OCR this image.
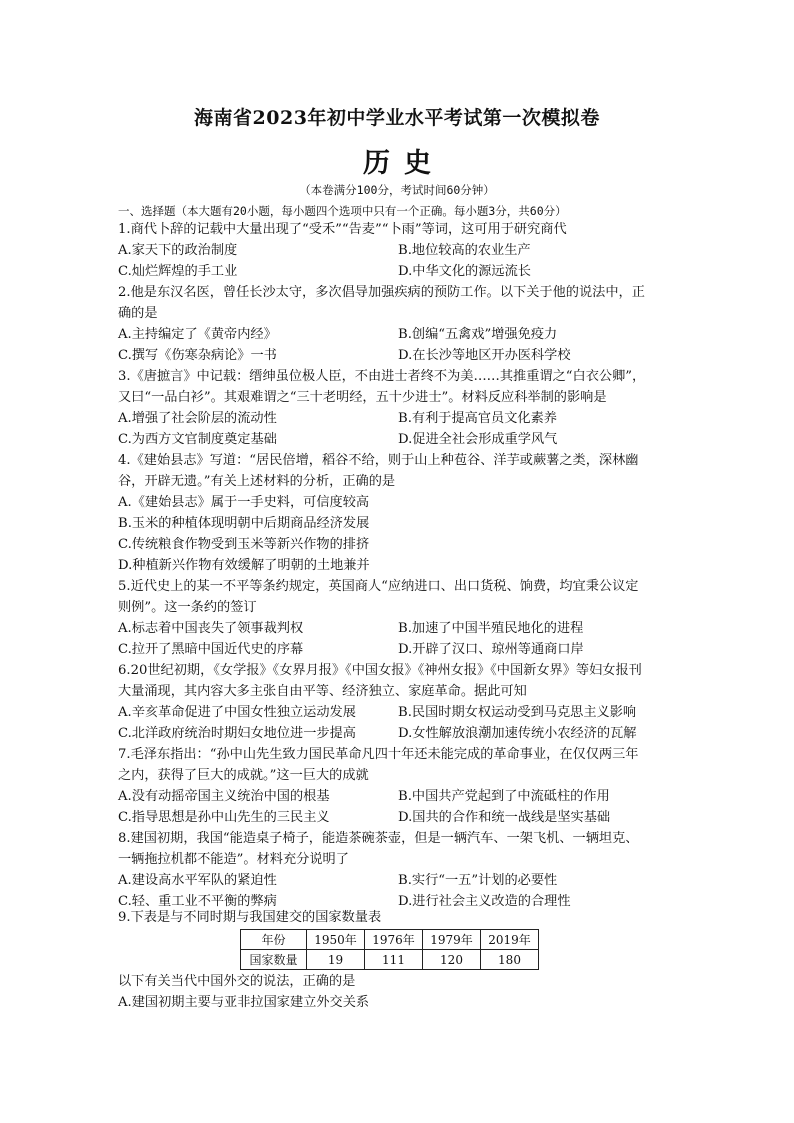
海南省2023年初中学业水平考试第一次模拟卷
历史
（本卷满分100分，考试时间60分钟）
一、选择题（本大题有20小题，每小题四个选项中只有一个正确。每小题3分，共60分）
1.商代卜辞的记载中大量出现了“受禾”“告麦”“卜雨”等词，这可用于研究商代
A.家天下的政治制度	B.地位较高的农业生产
C.灿烂辉煌的手工业	D.中华文化的源远流长
2.他是东汉名医，曾任长沙太守，多次倡导加强疾病的预防工作。以下关于他的说法中，正
确的是
A.主持编定了《黄帝内经》	B.创编“五禽戏”增强免疫力
C.撰写《伤寒杂病论》一书	D.在长沙等地区开办医科学校
3.《唐摭言》中记载：缙绅虽位极人臣，不由进士者终不为美……其推重谓之“白衣公卿”，
又曰“一品白衫”。其艰难谓之“三十老明经，五十少进士”。材料反应科举制的影响是
A.增强了社会阶层的流动性	B.有利于提高官员文化素养
C.为西方文官制度奠定基础	D.促进全社会形成重学风气
4.《建始县志》写道：“居民倍增，稻谷不给，则于山上种苞谷、洋芋或蕨薯之类，深林幽
谷，开辟无遗。”有关上述材料的分析，正确的是
A.《建始县志》属于一手史料，可信度较高
B.玉米的种植体现明朝中后期商品经济发展
C.传统粮食作物受到玉米等新兴作物的排挤
D.种植新兴作物有效缓解了明朝的土地兼并
5.近代史上的某一不平等条约规定，英国商人“应纳进口、出口货税、饷费，均宜秉公议定
则例”。这一条约的签订
A.标志着中国丧失了领事裁判权	B.加速了中国半殖民地化的进程
C.拉开了黑暗中国近代史的序幕	D.开辟了汉口、琼州等通商口岸
6.20世纪初期，《女学报》《女界月报》《中国女报》《神州女报》《中国新女界》等妇女报刊
大量涌现，其内容大多主张自由平等、经济独立、家庭革命。据此可知
A.辛亥革命促进了中国女性独立运动发展	B.民国时期女权运动受到马克思主义影响
C.北洋政府统治时期妇女地位进一步提高	D.女性解放浪潮加速传统小农经济的瓦解
7.毛泽东指出：“孙中山先生致力国民革命凡四十年还未能完成的革命事业，在仅仅两三年
之内，获得了巨大的成就。”这一巨大的成就
A.没有动摇帝国主义统治中国的根基	B.中国共产党起到了中流砥柱的作用
C.指导思想是孙中山先生的三民主义	D.国共的合作和统一战线是坚实基础
8.建国初期，我国“能造桌子椅子，能造茶碗茶壶，但是一辆汽车、一架飞机、一辆坦克、
一辆拖拉机都不能造”。材料充分说明了
A.建设高水平军队的紧迫性	B.实行“一五”计划的必要性
C.轻、重工业不平衡的弊病	D.进行社会主义改造的合理性
9.下表是与不同时期与我国建交的国家数量表
年份	1950年	1976年	1979年	2019年
国家数量	19	111	120	180
以下有关当代中国外交的说法，正确的是
A.建国初期主要与亚非拉国家建立外交关系
